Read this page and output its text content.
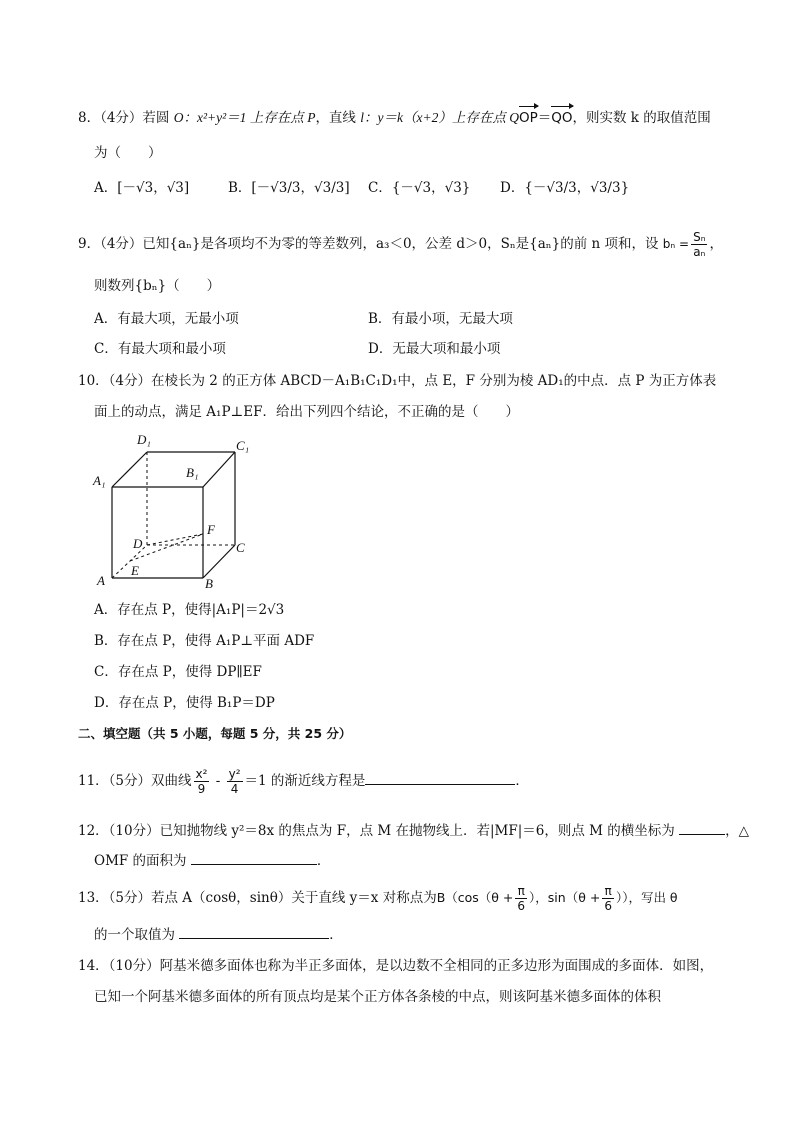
8．（4分）若圆 O：x²+y²＝1 上存在点 P，直线 l：y＝k（x+2）上存在点 QOP＝QO，则实数 k 的取值范围
为（　　）
A．[－√3，√3]	B．[－√3/3，√3/3] C．{－√3，√3} D．{－√3/3，√3/3}
9．（4分）已知{aₙ}是各项均不为零的等差数列，a₃＜0，公差 d＞0，Sₙ是{aₙ}的前 n 项和，设 $b_n = \frac{\text{Sₙ}}{\text{aₙ}}$ ，
则数列{bₙ}（　　）
A．有最大项，无最小项	B．有最小项，无最大项
C．有最大项和最小项	D．无最大项和最小项
10．（4分）在棱长为 2 的正方体 ABCD－A₁B₁C₁D₁中，点 E，F 分别为棱 AD₁的中点．点 P 为正方体表
面上的动点，满足 A₁P⊥EF．给出下列四个结论，不正确的是（　　）
D₁	C₁
A₁
B₁
F
D	C
A
E
B
A．存在点 P，使得|A₁P|＝2√3
B．存在点 P，使得 A₁P⊥平面 ADF
C．存在点 P，使得 DP∥EF
D．存在点 P，使得 B₁P＝DP
二、填空题（共 5 小题，每题 5 分，共 25 分）
11．（5分）双曲线 $\frac{\text{x²}}{9} - \frac{\text{y²}}{4} =1$ 的渐近线方程是	．
12．（10分）已知抛物线 y²＝8x 的焦点为 F，点 M 在抛物线上．若|MF|＝6，则点 M 的横坐标为	，△
OMF 的面积为	．
13．（5分）若点 A（cosθ，sinθ）关于直线 y＝x 对称点为$B(\cos(\theta + \frac{\pi}{6}$ ），$\sin(\theta + \frac{\pi}{6}$ ）），写出 θ
的一个取值为	．
14．（10分）阿基米德多面体也称为半正多面体，是以边数不全相同的正多边形为面围成的多面体．如图，
已知一个阿基米德多面体的所有顶点均是某个正方体各条棱的中点，则该阿基米德多面体的体积
